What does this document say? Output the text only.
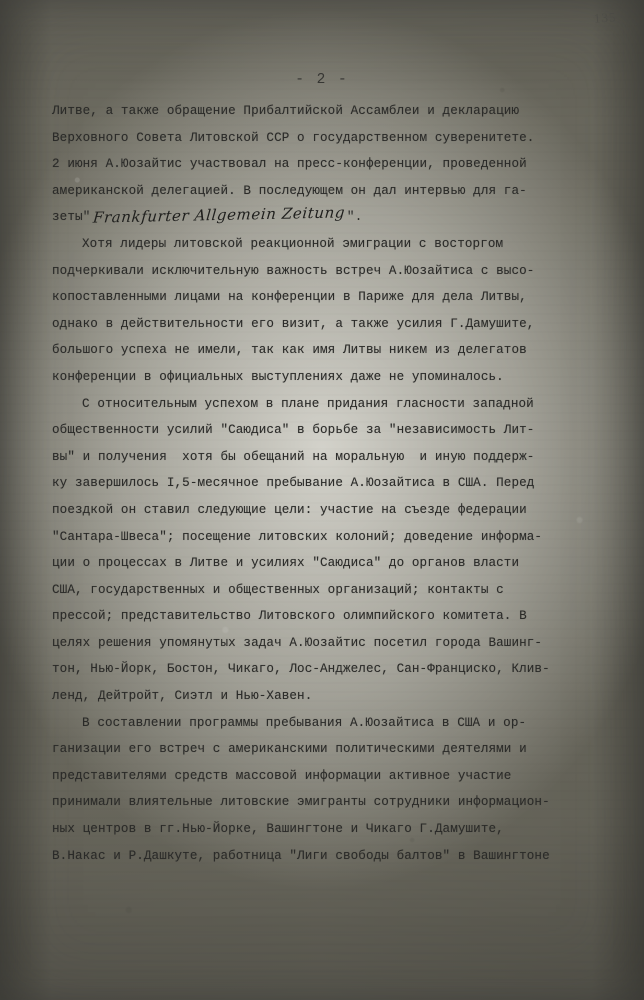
135
- 2 -
Литве, а также обращение Прибалтийской Ассамблеи и декларацию
Верховного Совета Литовской ССР о государственном суверенитете.
2 июня А.Юозайтис участвовал на пресс-конференции, проведенной
американской делегацией. В последующем он дал интервью для га-
зеты"Frankfurter Allgemein Zeitung".
Хотя лидеры литовской реакционной эмиграции с восторгом
подчеркивали исключительную важность встреч А.Юозайтиса с высо-
копоставленными лицами на конференции в Париже для дела Литвы,
однако в действительности его визит, а также усилия Г.Дамушите,
большого успеха не имели, так как имя Литвы никем из делегатов
конференции в официальных выступлениях даже не упоминалось.
С относительным успехом в плане придания гласности западной
общественности усилий "Саюдиса" в борьбе за "независимость Лит-
вы" и получения  хотя бы обещаний на моральную  и иную поддерж-
ку завершилось I,5-месячное пребывание А.Юозайтиса в США. Перед
поездкой он ставил следующие цели: участие на съезде федерации
"Сантара-Швеса"; посещение литовских колоний; доведение информа-
ции о процессах в Литве и усилиях "Саюдиса" до органов власти
США, государственных и общественных организаций; контакты с
прессой; представительство Литовского олимпийского комитета. В
целях решения упомянутых задач А.Юозайтис посетил города Вашинг-
тон, Нью-Йорк, Бостон, Чикаго, Лос-Анджелес, Сан-Франциско, Клив-
ленд, Дейтройт, Сиэтл и Нью-Хавен.
В составлении программы пребывания А.Юозайтиса в США и ор-
ганизации его встреч с американскими политическими деятелями и
представителями средств массовой информации активное участие
принимали влиятельные литовские эмигранты сотрудники информацион-
ных центров в гг.Нью-Йорке, Вашингтоне и Чикаго Г.Дамушите,
В.Накас и Р.Дашкуте, работница "Лиги свободы балтов" в Вашингтоне
